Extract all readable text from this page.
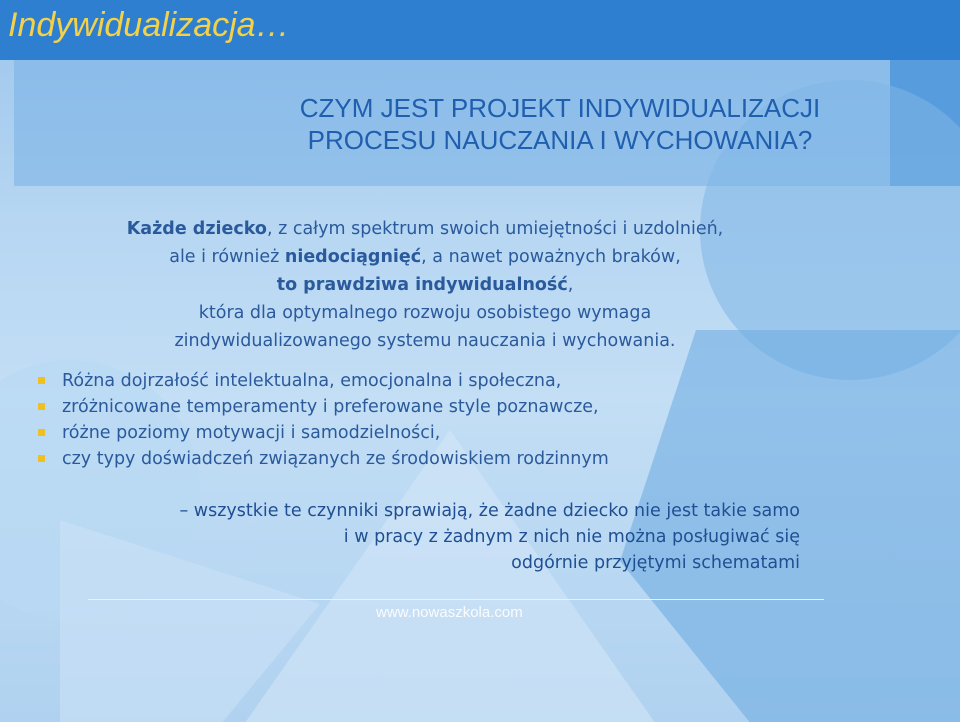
Indywidualizacja…
CZYM JEST PROJEKT INDYWIDUALIZACJI
PROCESU NAUCZANIA I WYCHOWANIA?
Każde dziecko, z całym spektrum swoich umiejętności i uzdolnień,
ale i również niedociągnięć, a nawet poważnych braków,
to prawdziwa indywidualność,
która dla optymalnego rozwoju osobistego wymaga
zindywidualizowanego systemu nauczania i wychowania.
Różna dojrzałość intelektualna, emocjonalna i społeczna,
zróżnicowane temperamenty i preferowane style poznawcze,
różne poziomy motywacji i samodzielności,
czy typy doświadczeń związanych ze środowiskiem rodzinnym
– wszystkie te czynniki sprawiają, że żadne dziecko nie jest takie samo
i w pracy z żadnym z nich nie można posługiwać się
odgórnie przyjętymi schematami
www.nowaszkola.com
